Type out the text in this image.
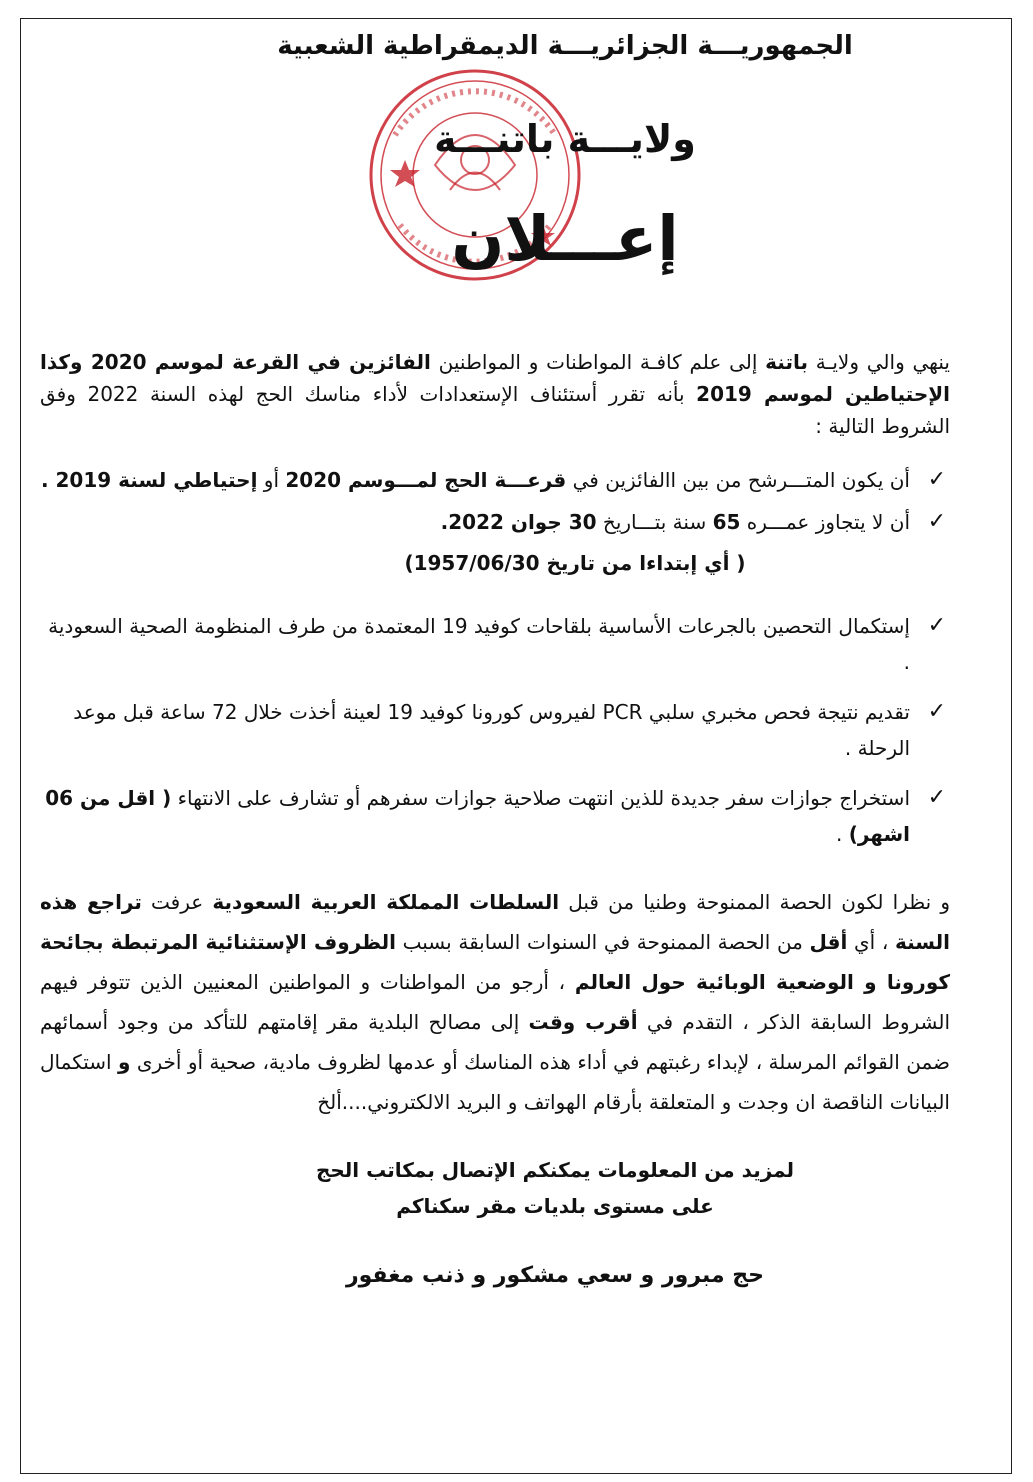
الجمهوريـــة الجزائريـــة الديمقراطية الشعبية
ولايـــة باتنـــة
إعـــلان
ينهي والي ولايـة باتنة إلى علم كافـة المواطنات و المواطنين الفائزين في القرعة لموسم 2020 وكذا الإحتياطين لموسم 2019 بأنه تقرر أستئناف الإستعدادات لأداء مناسك الحج لهذه السنة 2022 وفق الشروط التالية :
✓
أن يكون المتـــرشح من بين االفائزين في قرعـــة الحج لمـــوسم 2020 أو إحتياطي لسنة 2019 .
✓
أن لا يتجاوز عمـــره 65 سنة بتـــاريخ 30 جوان 2022.
( أي إبتداءا من تاريخ 1957/06/30)
✓
إستكمال التحصين بالجرعات الأساسية بلقاحات كوفيد 19 المعتمدة من طرف المنظومة الصحية السعودية .
✓
تقديم نتيجة فحص مخبري سلبي PCR لفيروس كورونا كوفيد 19 لعينة أخذت خلال 72 ساعة قبل موعد الرحلة .
✓
استخراج جوازات سفر جديدة للذين انتهت صلاحية جوازات سفرهم أو تشارف على الانتهاء ( اقل من 06 اشهر) .
و نظرا لكون الحصة الممنوحة وطنيا من قبل السلطات المملكة العربية السعودية عرفت تراجع هذه السنة ، أي أقل من الحصة الممنوحة في السنوات السابقة بسبب الظروف الإستثنائية المرتبطة بجائحة كورونا و الوضعية الوبائية حول العالم ، أرجو من المواطنات و المواطنين المعنيين الذين تتوفر فيهم الشروط السابقة الذكر ، التقدم في أقرب وقت إلى مصالح البلدية مقر إقامتهم للتأكد من وجود أسمائهم ضمن القوائم المرسلة ، لإبداء رغبتهم في أداء هذه المناسك أو عدمها لظروف مادية، صحية أو أخرى و استكمال البيانات الناقصة ان وجدت و المتعلقة بأرقام الهواتف و البريد الالكتروني....ألخ
لمزيد من المعلومات يمكنكم الإتصال بمكاتب الحج
على مستوى بلديات مقر سكناكم
حج مبرور و سعي مشكور و ذنب مغفور
